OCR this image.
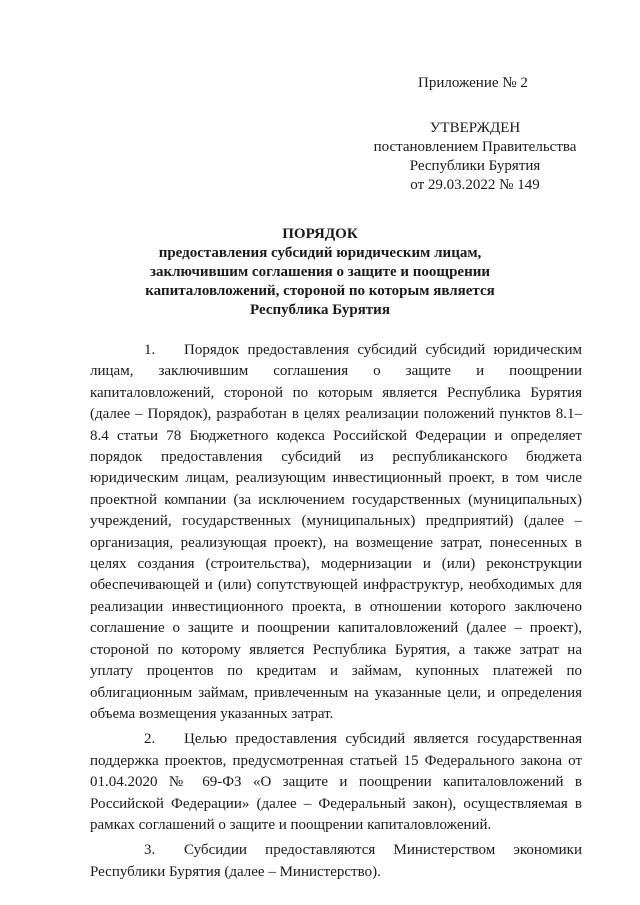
Приложение № 2
УТВЕРЖДЕН
постановлением Правительства
Республики Бурятия
от 29.03.2022 № 149
ПОРЯДОК
предоставления субсидий юридическим лицам,
заключившим соглашения о защите и поощрении
капиталовложений, стороной по которым является
Республика Бурятия

1. Порядок предоставления субсидий субсидий юридическим лицам, заключившим соглашения о защите и поощрении капиталовложений, стороной по которым является Республика Бурятия (далее – Порядок), разработан в целях реализации положений пунктов 8.1–8.4 статьи 78 Бюджетного кодекса Российской Федерации и определяет порядок предоставления субсидий из республиканского бюджета юридическим лицам, реализующим инвестиционный проект, в том числе проектной компании (за исключением государственных (муниципальных) учреждений, государственных (муниципальных) предприятий) (далее – организация, реализующая проект), на возмещение затрат, понесенных в целях создания (строительства), модернизации и (или) реконструкции обеспечивающей и (или) сопутствующей инфраструктур, необходимых для реализации инвестиционного проекта, в отношении которого заключено соглашение о защите и поощрении капиталовложений (далее – проект), стороной по которому является Республика Бурятия, а также затрат на уплату процентов по кредитам и займам, купонных платежей по облигационным займам, привлеченным на указанные цели, и определения объема возмещения указанных затрат.

2. Целью предоставления субсидий является государственная поддержка проектов, предусмотренная статьей 15 Федерального закона от 01.04.2020 № 69-ФЗ «О защите и поощрении капиталовложений в Российской Федерации» (далее – Федеральный закон), осуществляемая в рамках соглашений о защите и поощрении капиталовложений.

3. Субсидии предоставляются Министерством экономики Республики Бурятия (далее – Министерство).
